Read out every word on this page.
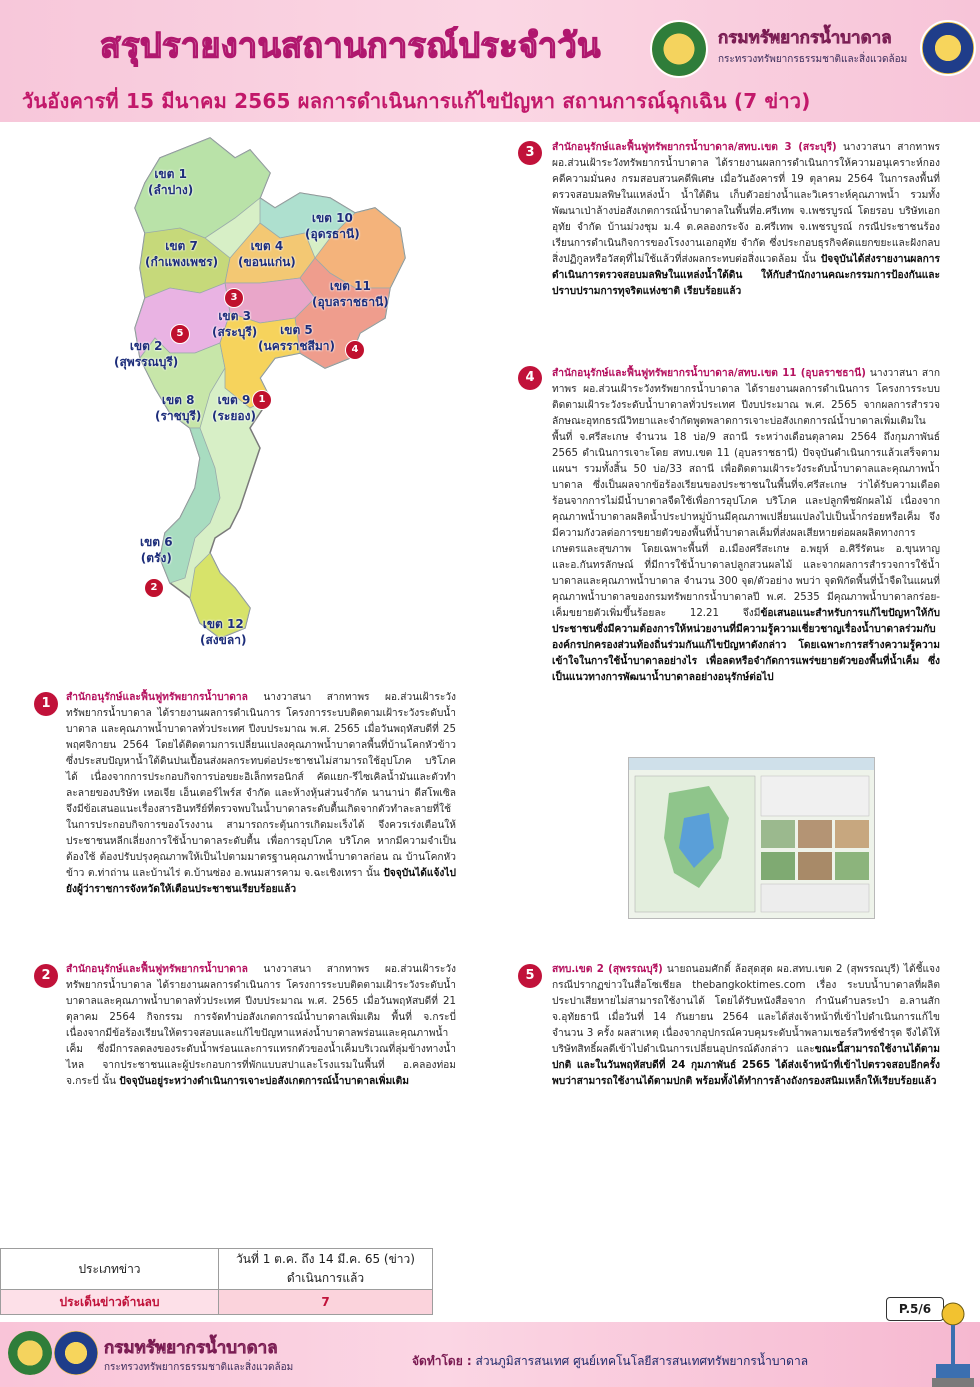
สรุปรายงานสถานการณ์ประจำวัน	กรมทรัพยากรน้ำบาดาล
กระทรวงทรัพยากรธรรมชาติและสิ่งแวดล้อม
วันอังคารที่ 15 มีนาคม 2565 ผลการดำเนินการแก้ไขปัญหา สถานการณ์ฉุกเฉิน (7 ข่าว)
เขต 1
(ลำปาง)
เขต 10
(อุดรธานี)
เขต 7
(กำแพงเพชร)
เขต 4
(ขอนแก่น)
เขต 11
(อุบลราชธานี)
เขต 3
(สระบุรี)	เขต 5
(นครราชสีมา)
เขต 2
(สุพรรณบุรี)
เขต 8
(ราชบุรี)
เขต 9
(ระยอง)
เขต 6
(ตรัง)
เขต 12
(สงขลา)
1
2
3
4
5
3	สำนักอนุรักษ์และฟื้นฟูทรัพยากรน้ำบาดาล/สทบ.เขต 3 (สระบุรี) นางวาสนา สากทาพร ผอ.ส่วนเฝ้าระวังทรัพยากรน้ำบาดาล ได้รายงานผลการดำเนินการให้ความอนุเคราะห์กองคดีความมั่นคง กรมสอบสวนคดีพิเศษ เมื่อวันอังคารที่ 19 ตุลาคม 2564 ในการลงพื้นที่ตรวจสอบมลพิษในแหล่งน้ำ น้ำใต้ดิน เก็บตัวอย่างน้ำและวิเคราะห์คุณภาพน้ำ รวมทั้งพัฒนาเป่าล้างบ่อสังเกตการณ์น้ำบาดาลในพื้นที่อ.ศรีเทพ จ.เพชรบูรณ์ โดยรอบ บริษัทเอกอุทัย จำกัด บ้านม่วงชุม ม.4 ต.คลองกระจัง อ.ศรีเทพ จ.เพชรบูรณ์ กรณีประชาชนร้องเรียนการดำเนินกิจการของโรงงานเอกอุทัย จำกัด ซึ่งประกอบธุรกิจคัดแยกขยะและฝังกลบสิ่งปฏิกูลหรือวัสดุที่ไม่ใช้แล้วที่ส่งผลกระทบต่อสิ่งแวดล้อม นั้น ปัจจุบันได้ส่งรายงานผลการดำเนินการตรวจสอบมลพิษในแหล่งน้ำใต้ดิน ให้กับสำนักงานคณะกรรมการป้องกันและปราบปรามการทุจริตแห่งชาติ เรียบร้อยแล้ว
4	สำนักอนุรักษ์และฟื้นฟูทรัพยากรน้ำบาดาล/สทบ.เขต 11 (อุบลราชธานี) นางวาสนา สากทาพร ผอ.ส่วนเฝ้าระวังทรัพยากรน้ำบาดาล ได้รายงานผลการดำเนินการ โครงการระบบติดตามเฝ้าระวังระดับน้ำบาดาลทั่วประเทศ ปีงบประมาณ พ.ศ. 2565 จากผลการสำรวจลักษณะอุทกธรณีวิทยาและจำกัดพูดพลาดการเจาะบ่อสังเกตการณ์น้ำบาดาลเพิ่มเติมในพื้นที่ จ.ศรีสะเกษ จำนวน 18 บ่อ/9 สถานี ระหว่างเดือนตุลาคม 2564 ถึงกุมภาพันธ์ 2565 ดำเนินการเจาะโดย สทบ.เขต 11 (อุบลราชธานี) ปัจจุบันดำเนินการแล้วเสร็จตามแผนฯ รวมทั้งสิ้น 50 บ่อ/33 สถานี เพื่อติดตามเฝ้าระวังระดับน้ำบาดาลและคุณภาพน้ำบาดาล ซึ่งเป็นผลจากข้อร้องเรียนของประชาชนในพื้นที่จ.ศรีสะเกษ ว่าได้รับความเดือดร้อนจากการไม่มีน้ำบาดาลจืดใช้เพื่อการอุปโภค บริโภค และปลูกพืชผักผลไม้ เนื่องจากคุณภาพน้ำบาดาลผลิตน้ำประปาหมู่บ้านมีคุณภาพเปลี่ยนแปลงไปเป็นน้ำกร่อยหรือเค็ม จึงมีความกังวลต่อการขยายตัวของพื้นที่น้ำบาดาลเค็มที่ส่งผลเสียหายต่อผลผลิตทางการเกษตรและสุขภาพ โดยเฉพาะพื้นที่ อ.เมืองศรีสะเกษ อ.พยุห์ อ.ศิรีรัตนะ อ.ขุนหาญ และอ.กันทรลักษณ์ ที่มีการใช้น้ำบาดาลปลูกสวนผลไม้ และจากผลการสำรวจการใช้น้ำบาดาลและคุณภาพน้ำบาดาล จำนวน 300 จุด/ตัวอย่าง พบว่า จุดพิกัดพื้นที่น้ำจืดในแผนที่คุณภาพน้ำบาดาลของกรมทรัพยากรน้ำบาดาลปี พ.ศ. 2535 มีคุณภาพน้ำบาดาลกร่อย-เค็มขยายตัวเพิ่มขึ้นร้อยละ 12.21 จึงมีข้อเสนอแนะสำหรับการแก้ไขปัญหาให้กับประชาชนซึ่งมีความต้องการให้หน่วยงานที่มีความรู้ความเชี่ยวชาญเรื่องน้ำบาดาลร่วมกับองค์กรปกครองส่วนท้องถิ่นร่วมกันแก้ไขปัญหาดังกล่าว โดยเฉพาะการสร้างความรู้ความเข้าใจในการใช้น้ำบาดาลอย่างไร เพื่อลดหรือจำกัดการแพร่ขยายตัวของพื้นที่น้ำเค็ม ซึ่งเป็นแนวทางการพัฒนาน้ำบาดาลอย่างอนุรักษ์ต่อไป
1	สำนักอนุรักษ์และฟื้นฟูทรัพยากรน้ำบาดาล นางวาสนา สากทาพร ผอ.ส่วนเฝ้าระวังทรัพยากรน้ำบาดาล ได้รายงานผลการดำเนินการ โครงการระบบติดตามเฝ้าระวังระดับน้ำบาดาล และคุณภาพน้ำบาดาลทั่วประเทศ ปีงบประมาณ พ.ศ. 2565 เมื่อวันพฤหัสบดีที่ 25 พฤศจิกายน 2564 โดยได้ติดตามการเปลี่ยนแปลงคุณภาพน้ำบาดาลพื้นที่บ้านโคกหัวข้าว ซึ่งประสบปัญหาน้ำใต้ดินปนเปื้อนส่งผลกระทบต่อประชาชนไม่สามารถใช้อุปโภค บริโภค ได้ เนื่องจากการประกอบกิจการบ่อขยะอิเล็กทรอนิกส์ คัดแยก-รีไซเคิลน้ำมันและตัวทำละลายของบริษัท เหอเจีย เอ็นเตอร์ไพร์ส จำกัด และห้างหุ้นส่วนจำกัด นานาน่า ดีสโพเซิล จึงมีข้อเสนอแนะเรื่องสารอินทรีย์ที่ตรวจพบในน้ำบาดาลระดับตื้นเกิดจากตัวทำละลายที่ใช้ในการประกอบกิจการของโรงงาน สามารถกระตุ้นการเกิดมะเร็งได้ จึงควรเร่งเตือนให้ประชาชนหลีกเลี่ยงการใช้น้ำบาดาลระดับตื้น เพื่อการอุปโภค บริโภค หากมีความจำเป็นต้องใช้ ต้องปรับปรุงคุณภาพให้เป็นไปตามมาตรฐานคุณภาพน้ำบาดาลก่อน ณ บ้านโคกหัวข้าว ต.ท่าถ่าน และบ้านไร่ ต.บ้านซ่อง อ.พนมสารคาม จ.ฉะเชิงเทรา นั้น ปัจจุบันได้แจ้งไปยังผู้ว่าราชการจังหวัดให้เตือนประชาชนเรียบร้อยแล้ว
2	สำนักอนุรักษ์และฟื้นฟูทรัพยากรน้ำบาดาล นางวาสนา สากทาพร ผอ.ส่วนเฝ้าระวังทรัพยากรน้ำบาดาล ได้รายงานผลการดำเนินการ โครงการระบบติดตามเฝ้าระวังระดับน้ำบาดาลและคุณภาพน้ำบาดาลทั่วประเทศ ปีงบประมาณ พ.ศ. 2565 เมื่อวันพฤหัสบดีที่ 21 ตุลาคม 2564 กิจกรรม การจัดทำบ่อสังเกตการณ์น้ำบาดาลเพิ่มเติม พื้นที่ จ.กระบี่ เนื่องจากมีข้อร้องเรียนให้ตรวจสอบและแก้ไขปัญหาแหล่งน้ำบาดาลพร่อนและคุณภาพน้ำเค็ม ซึ่งมีการลดลงของระดับน้ำพร่อนและการแทรกตัวของน้ำเค็มบริเวณที่ลุ่มข้างทางน้ำไหล จากประชาชนและผู้ประกอบการที่พักแบบสปาและโรงแรมในพื้นที่ อ.คลองท่อม จ.กระบี่ นั้น ปัจจุบันอยู่ระหว่างดำเนินการเจาะบ่อสังเกตการณ์น้ำบาดาลเพิ่มเติม
5	สทบ.เขต 2 (สุพรรณบุรี) นายถนอมศักดิ์ ล้อสุดสุด ผอ.สทบ.เขต 2 (สุพรรณบุรี) ได้ชี้แจงกรณีปรากฏข่าวในสื่อโซเชียล thebangkoktimes.com เรื่อง ระบบน้ำบาดาลที่ผลิตประปาเสียหายไม่สามารถใช้งานได้ โดยได้รับหนังสือจาก กำนันตำบลระบำ อ.ลานสัก จ.อุทัยธานี เมื่อวันที่ 14 กันยายน 2564 และได้ส่งเจ้าหน้าที่เข้าไปดำเนินการแก้ไข จำนวน 3 ครั้ง ผลสาเหตุ เนื่องจากอุปกรณ์ควบคุมระดับน้ำพลามเชอร์สวิทช์ชำรุด จึงได้ให้บริษัทสิทธิ์ผลดีเข้าไปดำเนินการเปลี่ยนอุปกรณ์ดังกล่าว และขณะนี้สามารถใช้งานได้ตามปกติ และในวันพฤหัสบดีที่ 24 กุมภาพันธ์ 2565 ได้ส่งเจ้าหน้าที่เข้าไปตรวจสอบอีกครั้ง พบว่าสามารถใช้งานได้ตามปกติ พร้อมทั้งได้ทำการล้างถังกรองสนิมเหล็กให้เรียบร้อยแล้ว
ประเภทข่าว	วันที่ 1 ต.ค. ถึง 14 มี.ค. 65 (ข่าว)
ดำเนินการแล้ว
ประเด็นข่าวด้านลบ	7	P.5/6
กรมทรัพยากรน้ำบาดาล
กระทรวงทรัพยากรธรรมชาติและสิ่งแวดล้อม	จัดทำโดย : ส่วนภูมิสารสนเทศ ศูนย์เทคโนโลยีสารสนเทศทรัพยากรน้ำบาดาล
